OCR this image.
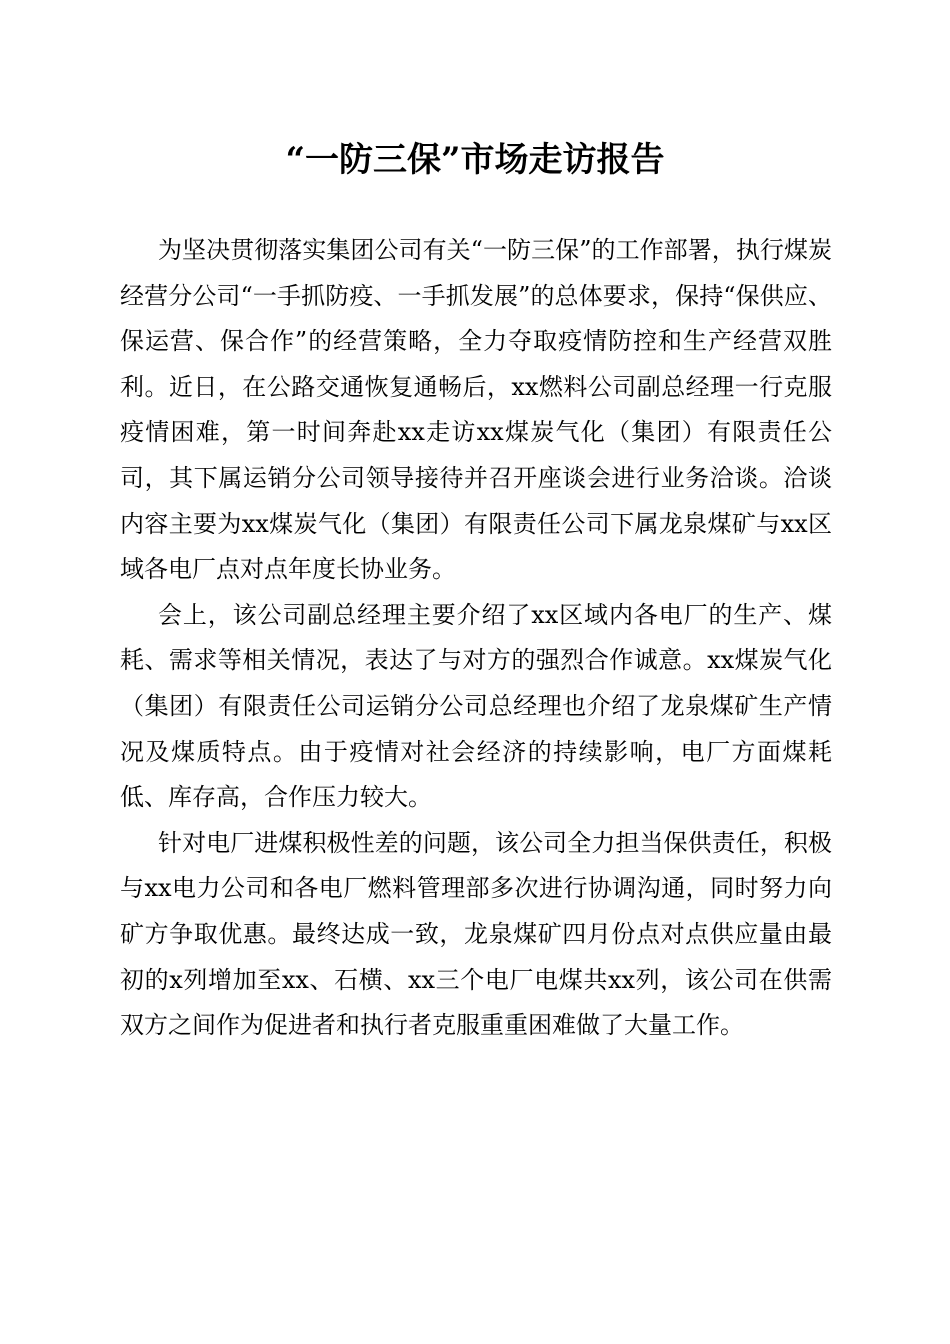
“一防三保”市场走访报告

为坚决贯彻落实集团公司有关“一防三保”的工作部署，执行煤炭经营分公司“一手抓防疫、一手抓发展”的总体要求，保持“保供应、保运营、保合作”的经营策略，全力夺取疫情防控和生产经营双胜利。近日，在公路交通恢复通畅后，xx燃料公司副总经理一行克服疫情困难，第一时间奔赴xx走访xx煤炭气化（集团）有限责任公司，其下属运销分公司领导接待并召开座谈会进行业务洽谈。洽谈内容主要为xx煤炭气化（集团）有限责任公司下属龙泉煤矿与xx区域各电厂点对点年度长协业务。

会上，该公司副总经理主要介绍了xx区域内各电厂的生产、煤耗、需求等相关情况，表达了与对方的强烈合作诚意。xx煤炭气化（集团）有限责任公司运销分公司总经理也介绍了龙泉煤矿生产情况及煤质特点。由于疫情对社会经济的持续影响，电厂方面煤耗低、库存高，合作压力较大。

针对电厂进煤积极性差的问题，该公司全力担当保供责任，积极与xx电力公司和各电厂燃料管理部多次进行协调沟通，同时努力向矿方争取优惠。最终达成一致，龙泉煤矿四月份点对点供应量由最初的x列增加至xx、石横、xx三个电厂电煤共xx列，该公司在供需双方之间作为促进者和执行者克服重重困难做了大量工作。
